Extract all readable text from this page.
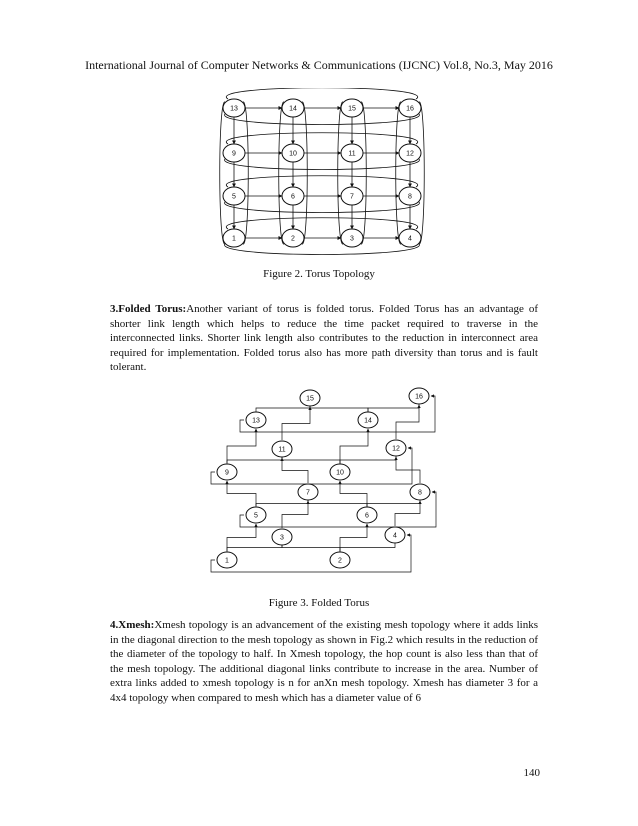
International Journal of Computer Networks & Communications (IJCNC) Vol.8, No.3, May 2016
13	14	15	16
9	10	11	12
5	6	7	8
1	2	3	4
Figure 2. Torus Topology

3.Folded Torus:Another variant of torus is folded torus. Folded Torus has an advantage of shorter link length which helps to reduce the time packet required to traverse in the interconnected links. Shorter link length also contributes to the reduction in interconnect area required for implementation. Folded torus also has more path diversity than torus and is fault tolerant.

15	16
13	14
11	12
9	10
8
7
5	6
3	4
1	2
Figure 3. Folded Torus

4.Xmesh:Xmesh topology is an advancement of the existing mesh topology where it adds links in the diagonal direction to the mesh topology as shown in Fig.2 which results in the reduction of the diameter of the topology to half. In Xmesh topology, the hop count is also less than that of the mesh topology. The additional diagonal links contribute to increase in the area. Number of extra links added to xmesh topology is n for anXn mesh topology. Xmesh has diameter 3 for a 4x4 topology when compared to mesh which has a diameter value of 6

140
